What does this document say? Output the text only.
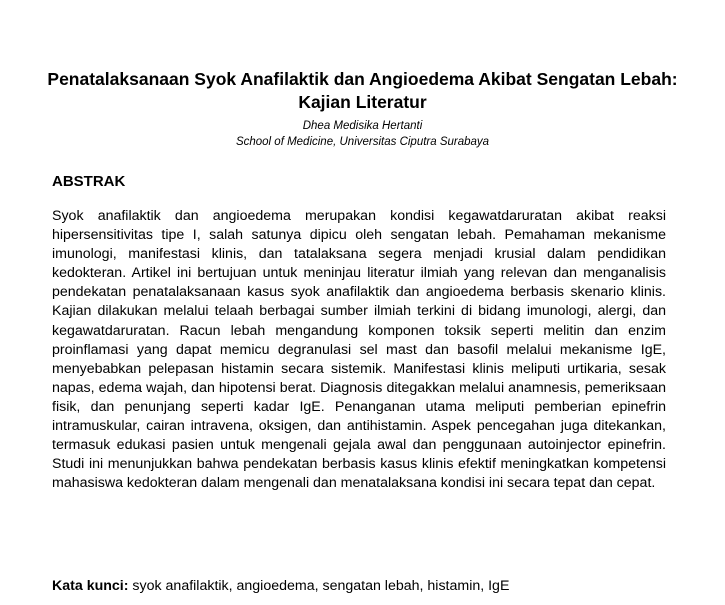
Penatalaksanaan Syok Anafilaktik dan Angioedema Akibat Sengatan Lebah: Kajian Literatur

Dhea Medisika Hertanti

School of Medicine, Universitas Ciputra Surabaya

ABSTRAK

Syok anafilaktik dan angioedema merupakan kondisi kegawatdaruratan akibat reaksi hipersensitivitas tipe I, salah satunya dipicu oleh sengatan lebah. Pemahaman mekanisme imunologi, manifestasi klinis, dan tatalaksana segera menjadi krusial dalam pendidikan kedokteran. Artikel ini bertujuan untuk meninjau literatur ilmiah yang relevan dan menganalisis pendekatan penatalaksanaan kasus syok anafilaktik dan angioedema berbasis skenario klinis. Kajian dilakukan melalui telaah berbagai sumber ilmiah terkini di bidang imunologi, alergi, dan kegawatdaruratan. Racun lebah mengandung komponen toksik seperti melitin dan enzim proinflamasi yang dapat memicu degranulasi sel mast dan basofil melalui mekanisme IgE, menyebabkan pelepasan histamin secara sistemik. Manifestasi klinis meliputi urtikaria, sesak napas, edema wajah, dan hipotensi berat. Diagnosis ditegakkan melalui anamnesis, pemeriksaan fisik, dan penunjang seperti kadar IgE. Penanganan utama meliputi pemberian epinefrin intramuskular, cairan intravena, oksigen, dan antihistamin. Aspek pencegahan juga ditekankan, termasuk edukasi pasien untuk mengenali gejala awal dan penggunaan autoinjector epinefrin. Studi ini menunjukkan bahwa pendekatan berbasis kasus klinis efektif meningkatkan kompetensi mahasiswa kedokteran dalam mengenali dan menatalaksana kondisi ini secara tepat dan cepat.

Kata kunci: syok anafilaktik, angioedema, sengatan lebah, histamin, IgE
